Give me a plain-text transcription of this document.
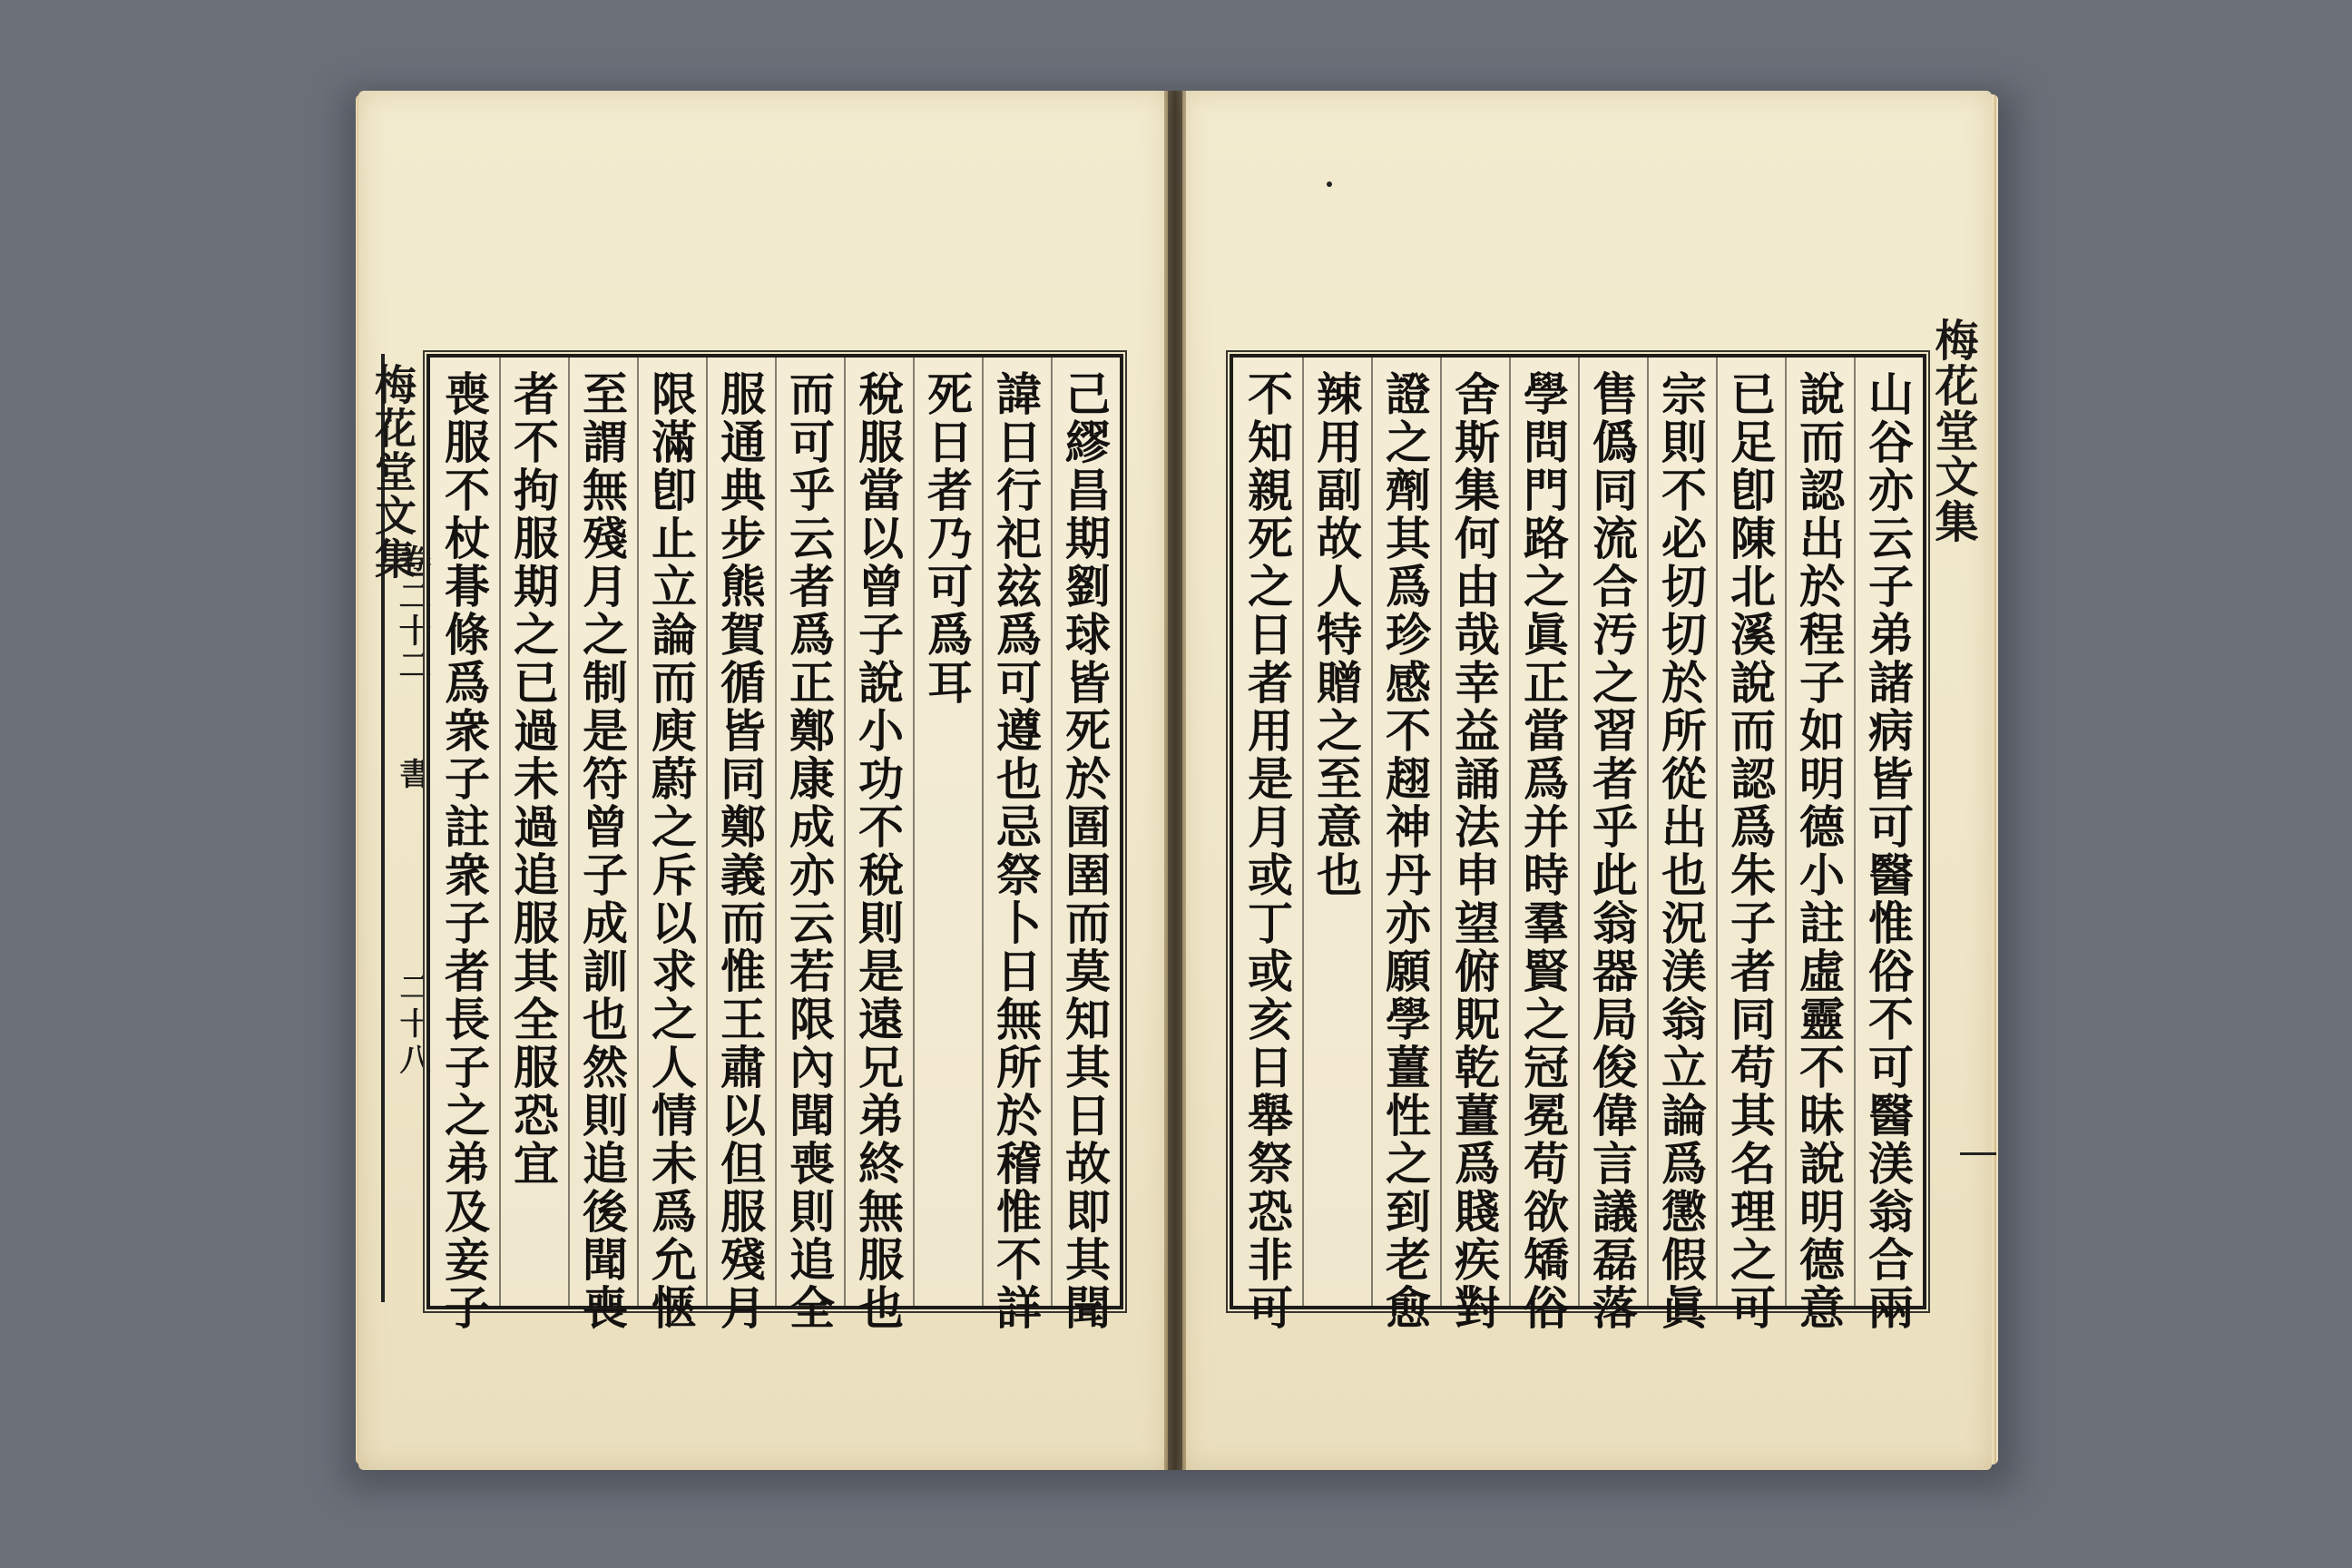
梅花堂文集
卷二十二
書
二十八	己繆昌期劉球皆死於圄圉而莫知其日故即其聞
諱日行祀玆爲可遵也忌祭卜日無所於稽惟不詳
死日者乃可爲耳
稅服當以曾子說小功不稅則是遠兄弟終無服也
而可乎云者爲正鄭康成亦云若限內聞喪則追全
服通典步熊賀循皆同鄭義而惟王肅以但服殘月
限滿卽止立論而庾蔚之斥以求之人情未爲允愜
至謂無殘月之制是符曾子成訓也然則追後聞喪
者不拘服期之已過未過追服其全服恐宜
喪服不杖朞條爲衆子註衆子者長子之弟及妾子	山谷亦云子弟諸病皆可醫惟俗不可醫渼翁合兩
說而認出於程子如明德小註虛靈不昧說明德意
已足卽陳北溪說而認爲朱子者同苟其名理之可
宗則不必切切於所從出也況渼翁立論爲懲假眞
售僞同流合汚之習者乎此翁器局俊偉言議磊落
學問門路之眞正當爲并時羣賢之冠冕苟欲矯俗
舍斯集何由哉幸益誦法申望俯貺乾薑爲賤疾對
證之劑其爲珍感不趐神丹亦願學薑性之到老愈
辣用副故人特贈之至意也
不知親死之日者用是月或丁或亥日舉祭恐非可	梅花堂文集
